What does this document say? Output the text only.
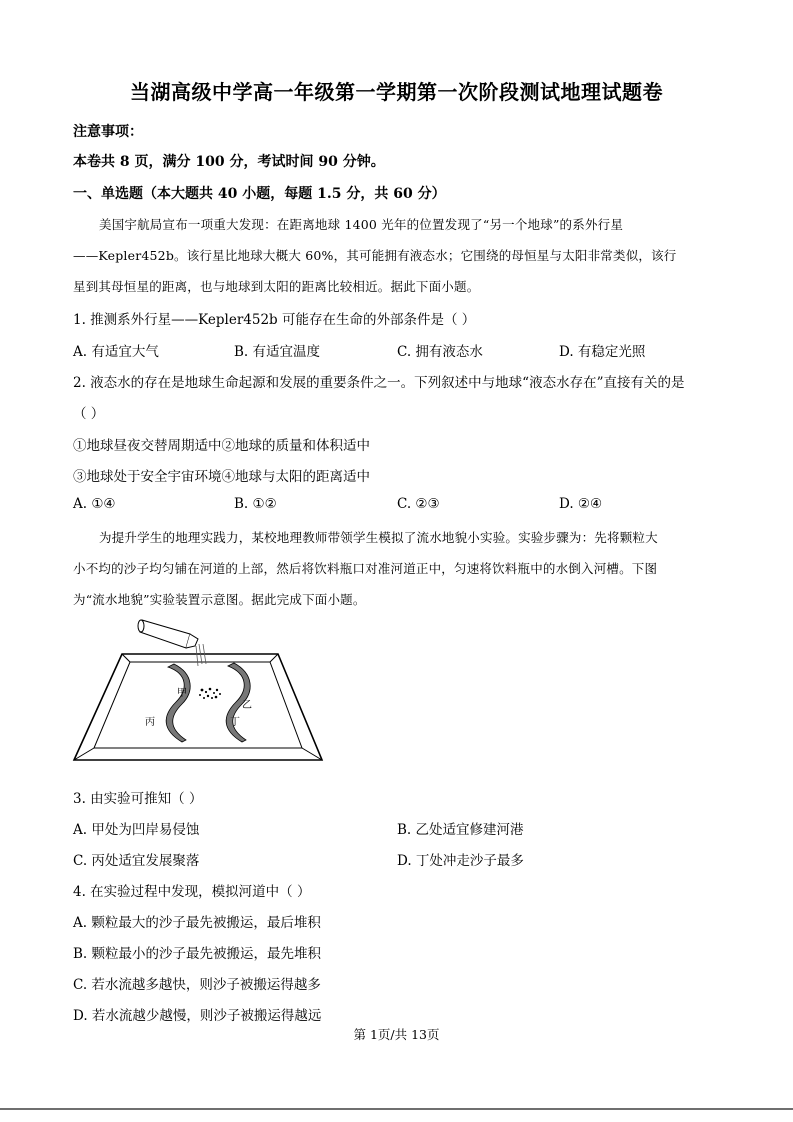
当湖高级中学高一年级第一学期第一次阶段测试地理试题卷
注意事项：
本卷共 8 页，满分 100 分，考试时间 90 分钟。
一、单选题（本大题共 40 小题，每题 1.5 分，共 60 分）
美国宇航局宣布一项重大发现：在距离地球 1400 光年的位置发现了“另一个地球”的系外行星
——Kepler452b。该行星比地球大概大 60%，其可能拥有液态水；它围绕的母恒星与太阳非常类似，该行
星到其母恒星的距离，也与地球到太阳的距离比较相近。据此下面小题。
1. 推测系外行星——Kepler452b 可能存在生命的外部条件是（ ）
A. 有适宜大气	B. 有适宜温度	C. 拥有液态水	D. 有稳定光照
2. 液态水的存在是地球生命起源和发展的重要条件之一。下列叙述中与地球“液态水存在”直接有关的是
（ ）
①地球昼夜交替周期适中②地球的质量和体积适中
③地球处于安全宇宙环境④地球与太阳的距离适中
A. ①④	B. ①②	C. ②③	D. ②④
为提升学生的地理实践力，某校地理教师带领学生模拟了流水地貌小实验。实验步骤为：先将颗粒大
小不均的沙子均匀铺在河道的上部，然后将饮料瓶口对准河道正中，匀速将饮料瓶中的水倒入河槽。下图
为“流水地貌”实验装置示意图。据此完成下面小题。
甲
乙
丙	丁
3. 由实验可推知（ ）
A. 甲处为凹岸易侵蚀	B. 乙处适宜修建河港
C. 丙处适宜发展聚落	D. 丁处冲走沙子最多
4. 在实验过程中发现，模拟河道中（ ）
A. 颗粒最大的沙子最先被搬运，最后堆积
B. 颗粒最小的沙子最先被搬运，最先堆积
C. 若水流越多越快，则沙子被搬运得越多
D. 若水流越少越慢，则沙子被搬运得越远
第 1页/共 13页
